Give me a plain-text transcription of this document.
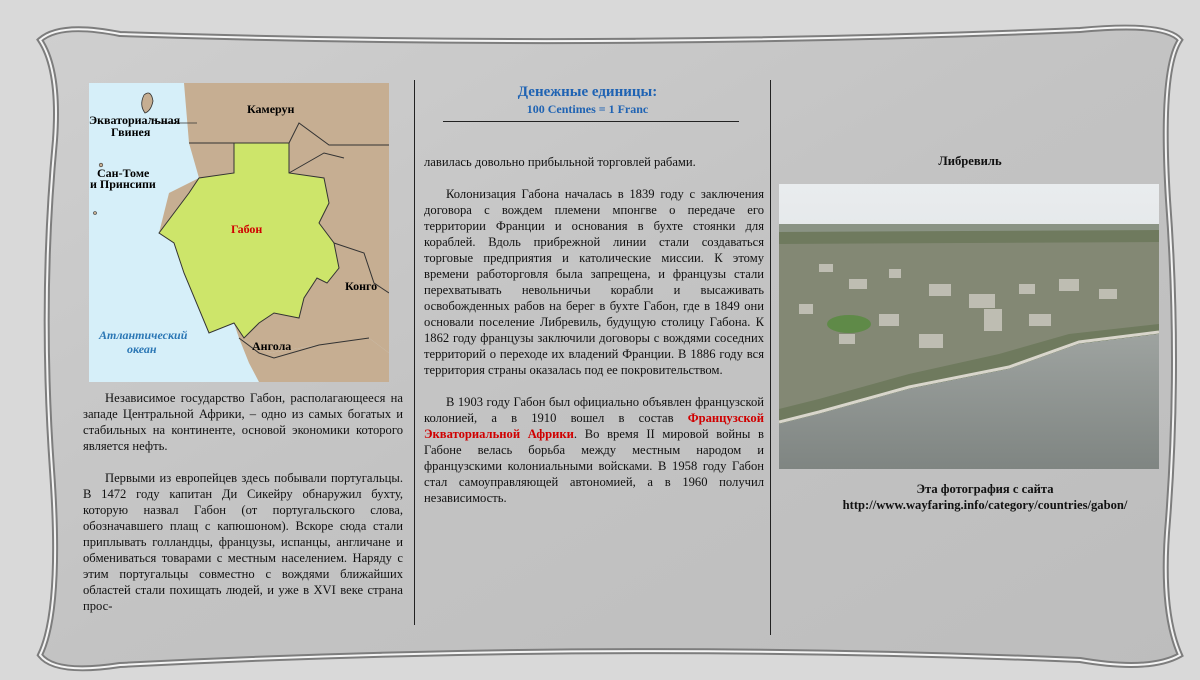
Камерун
Экваториальная
Гвинея
Сан-Томе
и Принсипи
Габон
Конго
Ангола
Атлантический
океан

Независимое государство Габон, располагающееся на западе Центральной Африки, – одно из самых богатых и стабильных на континенте, основой экономики которого является нефть.

Первыми из европейцев здесь побывали португальцы. В 1472 году капитан Ди Сикейру обнаружил бухту, которую назвал Габон (от португальского слова, обозначавшего плащ с капюшоном). Вскоре сюда стали приплывать голландцы, французы, испанцы, англичане и обмениваться товарами с местным населением. Наряду с этим португальцы совместно с вождями ближайших областей стали похищать людей, и уже в XVI веке страна прос-

Денежные единицы:
100 Centimes = 1 Franc

лавилась довольно прибыльной торговлей рабами.

Колонизация Габона началась в 1839 году с заключения договора с вождем племени мпонгве о передаче его территории Франции и основания в бухте стоянки для кораблей. Вдоль прибрежной линии стали создаваться торговые предприятия и католические миссии. К этому времени работорговля была запрещена, и французы стали перехватывать невольничьи корабли и высаживать освобожденных рабов на берег в бухте Габон, где в 1849 они основали поселение Либревиль, будущую столицу Габона. К 1862 году французы заключили договоры с вождями соседних территорий о переходе их владений Франции. В 1886 году вся территория страны оказалась под ее покровительством.

В 1903 году Габон был официально объявлен французской колонией, а в 1910 вошел в состав Французской Экваториальной Африки. Во время II мировой войны в Габоне велась борьба между местным народом и французскими колониальными войсками. В 1958 году Габон стал самоуправляющей автономией, а в 1960 получил независимость.

Либревиль
Эта фотография с сайта
http://www.wayfaring.info/category/countries/gabon/
